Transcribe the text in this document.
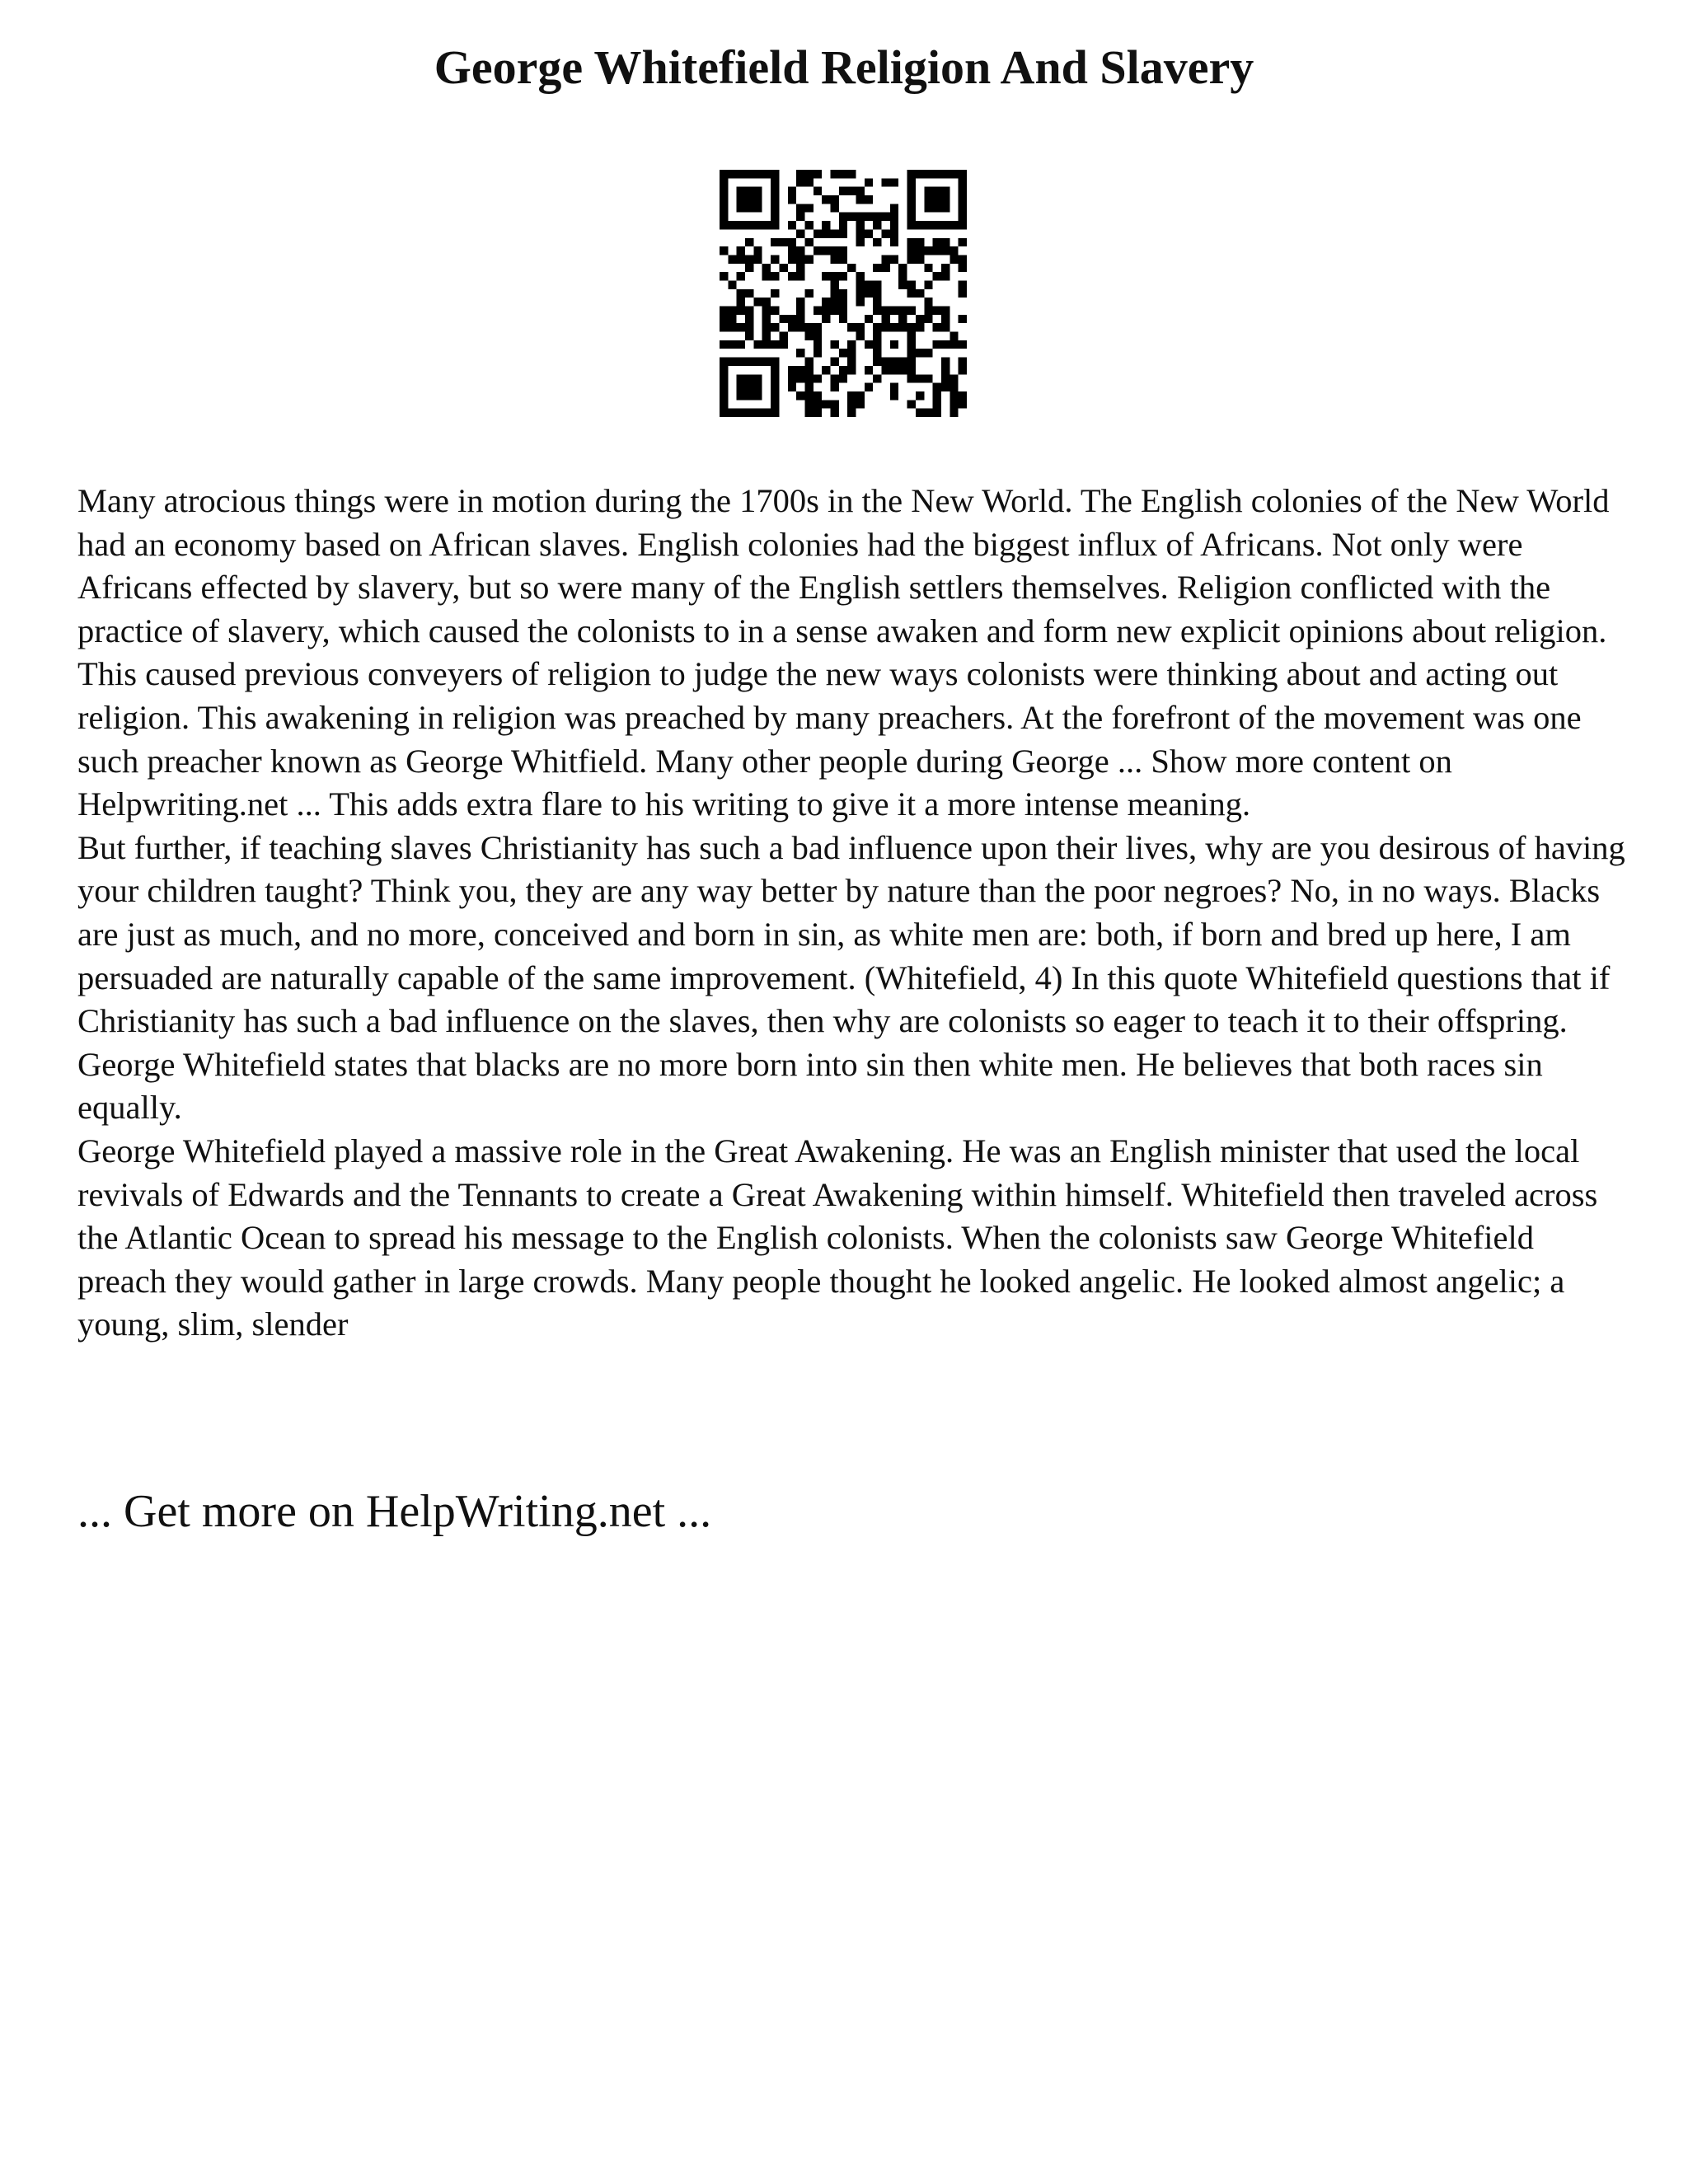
George Whitefield Religion And Slavery

Many atrocious things were in motion during the 1700s in the New World. The English colonies of the New World had an economy based on African slaves. English colonies had the biggest influx of Africans. Not only were Africans effected by slavery, but so were many of the English settlers themselves. Religion conflicted with the practice of slavery, which caused the colonists to in a sense awaken and form new explicit opinions about religion. This caused previous conveyers of religion to judge the new ways colonists were thinking about and acting out religion. This awakening in religion was preached by many preachers. At the forefront of the movement was one such preacher known as George Whitfield. Many other people during George ... Show more content on Helpwriting.net ... This adds extra flare to his writing to give it a more intense meaning.

But further, if teaching slaves Christianity has such a bad influence upon their lives, why are you desirous of having your children taught? Think you, they are any way better by nature than the poor negroes? No, in no ways. Blacks are just as much, and no more, conceived and born in sin, as white men are: both, if born and bred up here, I am persuaded are naturally capable of the same improvement. (Whitefield, 4) In this quote Whitefield questions that if Christianity has such a bad influence on the slaves, then why are colonists so eager to teach it to their offspring. George Whitefield states that blacks are no more born into sin then white men. He believes that both races sin equally.

George Whitefield played a massive role in the Great Awakening. He was an English minister that used the local revivals of Edwards and the Tennants to create a Great Awakening within himself. Whitefield then traveled across the Atlantic Ocean to spread his message to the English colonists. When the colonists saw George Whitefield preach they would gather in large crowds. Many people thought he looked angelic. He looked almost angelic; a young, slim, slender

... Get more on HelpWriting.net ...
